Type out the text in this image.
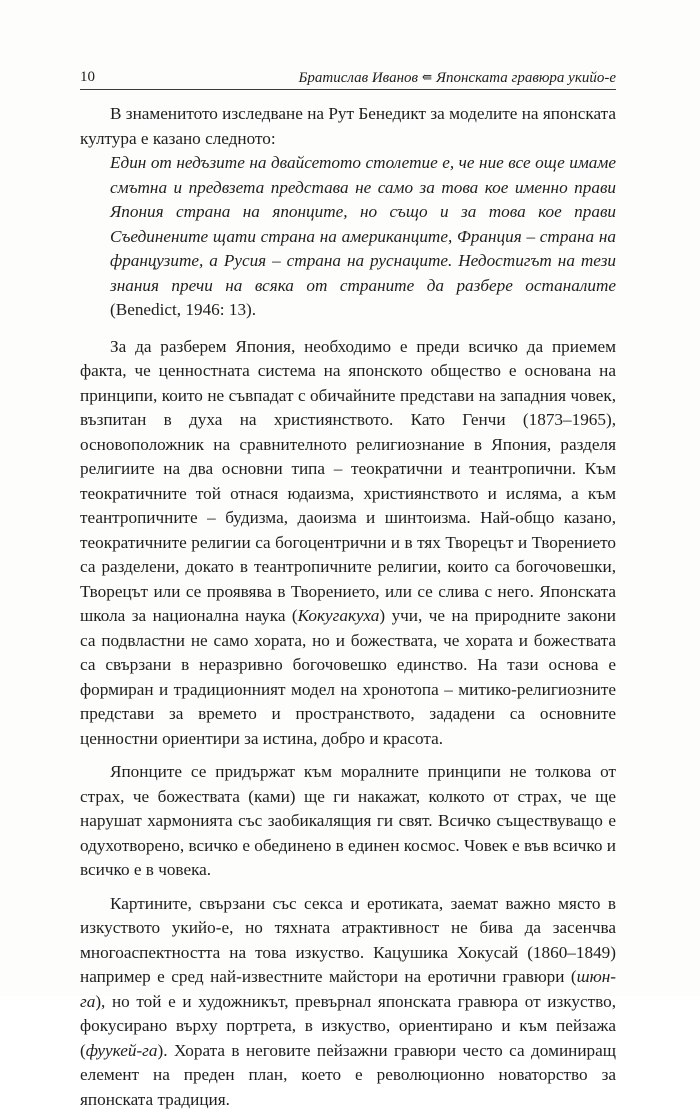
10	Братислав Иванов ⇚ Японската гравюра укийо-е

В знаменитото изследване на Рут Бенедикт за моделите на японската култура е казано следното:

Един от недъзите на двайсетото столетие е, че ние все още имаме смътна и предвзета представа не само за това кое именно прави Япония страна на японците, но също и за това кое прави Съединените щати страна на американците, Франция – страна на французите, а Русия – страна на руснаците. Недостигът на тези знания пречи на всяка от страните да разбере останалите (Benedict, 1946: 13).

За да разберем Япония, необходимо е преди всичко да приемем факта, че ценностната система на японското общество е основана на принципи, които не съвпадат с обичайните представи на западния човек, възпитан в духа на християнството. Като Генчи (1873–1965), основоположник на сравнителното религиознание в Япония, разделя религиите на два основни типа – теократични и теантропични. Към теократичните той отнася юдаизма, християнството и исляма, а към теантропичните – будизма, даоизма и шинтоизма. Най-общо казано, теократичните религии са богоцентрични и в тях Творецът и Творението са разделени, докато в теантропичните религии, които са богочовешки, Творецът или се проявява в Творението, или се слива с него. Японската школа за национална наука (Кокугакуха) учи, че на природните закони са подвластни не само хората, но и божествата, че хората и божествата са свързани в неразривно богочовешко единство. На тази основа е формиран и традиционният модел на хронотопа – митико-религиозните представи за времето и пространството, зададени са основните ценностни ориентири за истина, добро и красота.

Японците се придържат към моралните принципи не толкова от страх, че божествата (ками) ще ги накажат, колкото от страх, че ще нарушат хармонията със заобикалящия ги свят. Всичко съществуващо е одухотворено, всичко е обединено в единен космос. Човек е във всичко и всичко е в човека.

Картините, свързани със секса и еротиката, заемат важно място в изкуството укийо-е, но тяхната атрактивност не бива да засенчва многоаспектността на това изкуство. Кацушика Хокусай (1860–1849) например е сред най-известните майстори на еротични гравюри (шюн-га), но той е и художникът, превърнал японската гравюра от изкуство, фокусирано върху портрета, в изкуство, ориентирано и към пейзажа (фуукей-га). Хората в неговите пейзажни гравюри често са доминиращ елемент на преден план, което е революционно новаторство за японската традиция.
